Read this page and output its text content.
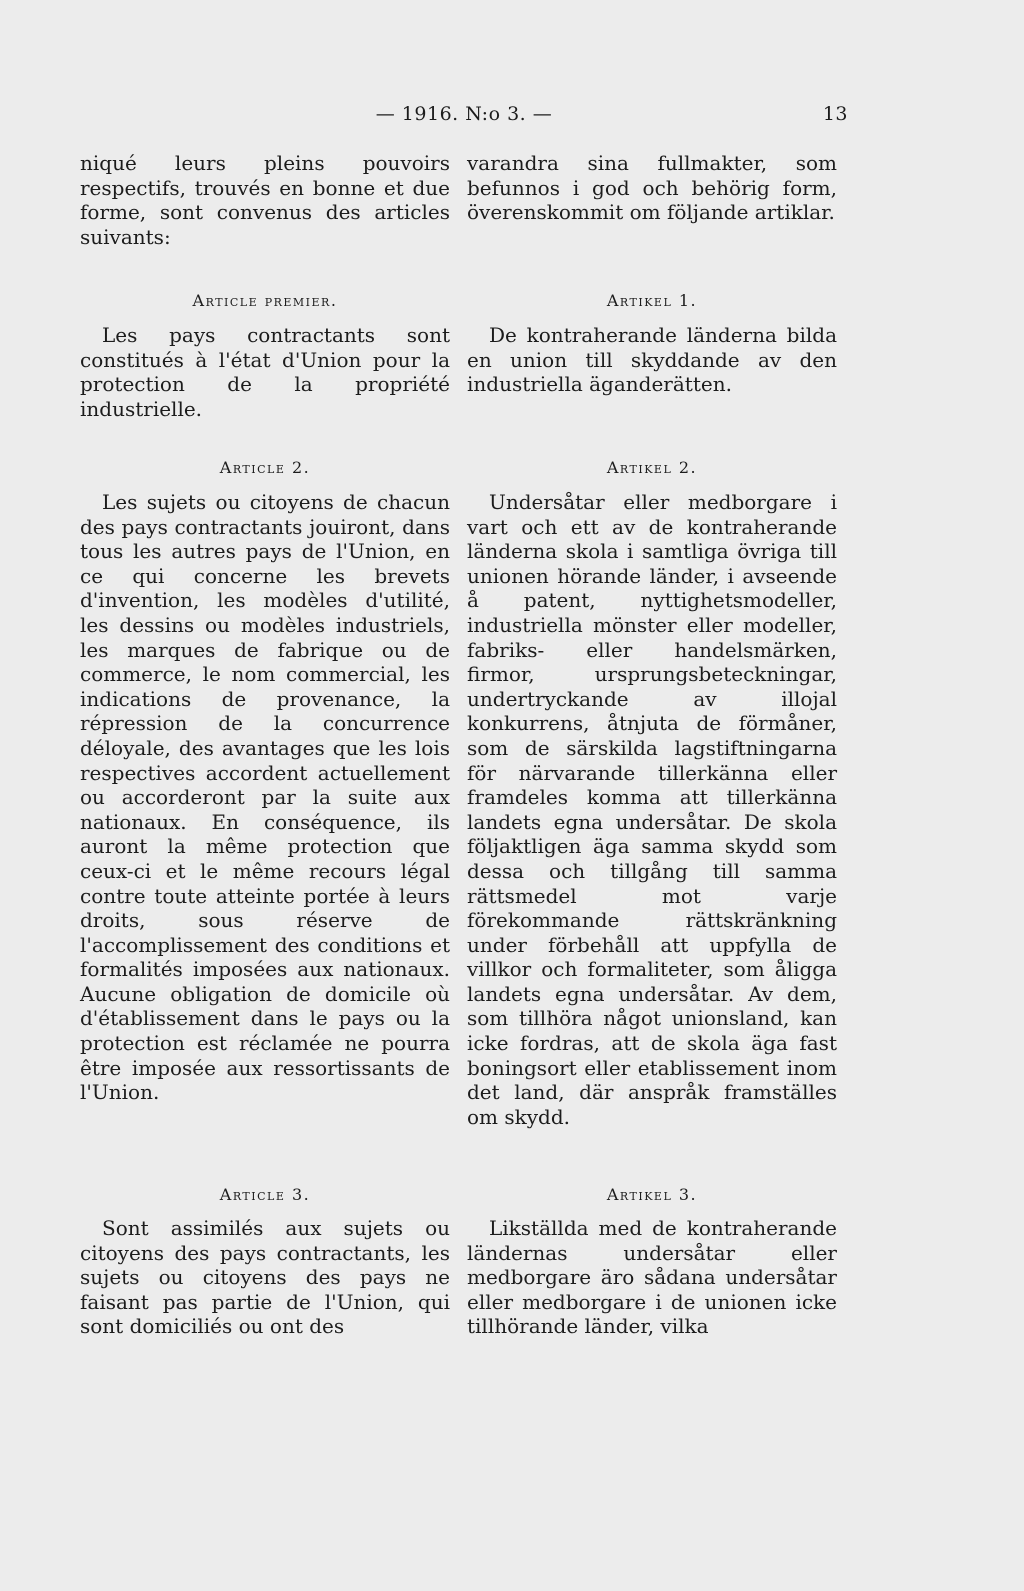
— 1916. N:o 3. —	13

niqué leurs pleins pouvoirs respectifs, trouvés en bonne et due forme, sont convenus des articles suivants:

Article premier.

Les pays contractants sont constitués à l'état d'Union pour la protection de la propriété industrielle.

Article 2.

Les sujets ou citoyens de chacun des pays contractants jouiront, dans tous les autres pays de l'Union, en ce qui concerne les brevets d'invention, les modèles d'utilité, les dessins ou modèles industriels, les marques de fabrique ou de commerce, le nom commercial, les indications de provenance, la répression de la concurrence déloyale, des avantages que les lois respectives accordent actuellement ou accorderont par la suite aux nationaux. En conséquence, ils auront la même protection que ceux-ci et le même recours légal contre toute atteinte portée à leurs droits, sous réserve de l'accomplissement des conditions et formalités imposées aux nationaux. Aucune obligation de domicile où d'établissement dans le pays ou la protection est réclamée ne pourra être imposée aux ressortissants de l'Union.

Article 3.

Sont assimilés aux sujets ou citoyens des pays contractants, les sujets ou citoyens des pays ne faisant pas partie de l'Union, qui sont domiciliés ou ont des

varandra sina fullmakter, som befunnos i god och behörig form, överenskommit om följande artiklar.

Artikel 1.

De kontraherande länderna bilda en union till skyddande av den industriella äganderätten.

Artikel 2.

Undersåtar eller medborgare i vart och ett av de kontraherande länderna skola i samtliga övriga till unionen hörande länder, i avseende å patent, nyttighetsmodeller, industriella mönster eller modeller, fabriks- eller handelsmärken, firmor, ursprungsbeteckningar, undertryckande av illojal konkurrens, åtnjuta de förmåner, som de särskilda lagstiftningarna för närvarande tillerkänna eller framdeles komma att tillerkänna landets egna undersåtar. De skola följaktligen äga samma skydd som dessa och tillgång till samma rättsmedel mot varje förekommande rättskränkning under förbehåll att uppfylla de villkor och formaliteter, som åligga landets egna undersåtar. Av dem, som tillhöra något unionsland, kan icke fordras, att de skola äga fast boningsort eller etablissement inom det land, där anspråk framställes om skydd.

Artikel 3.

Likställda med de kontraherande ländernas undersåtar eller medborgare äro sådana undersåtar eller medborgare i de unionen icke tillhörande länder, vilka
